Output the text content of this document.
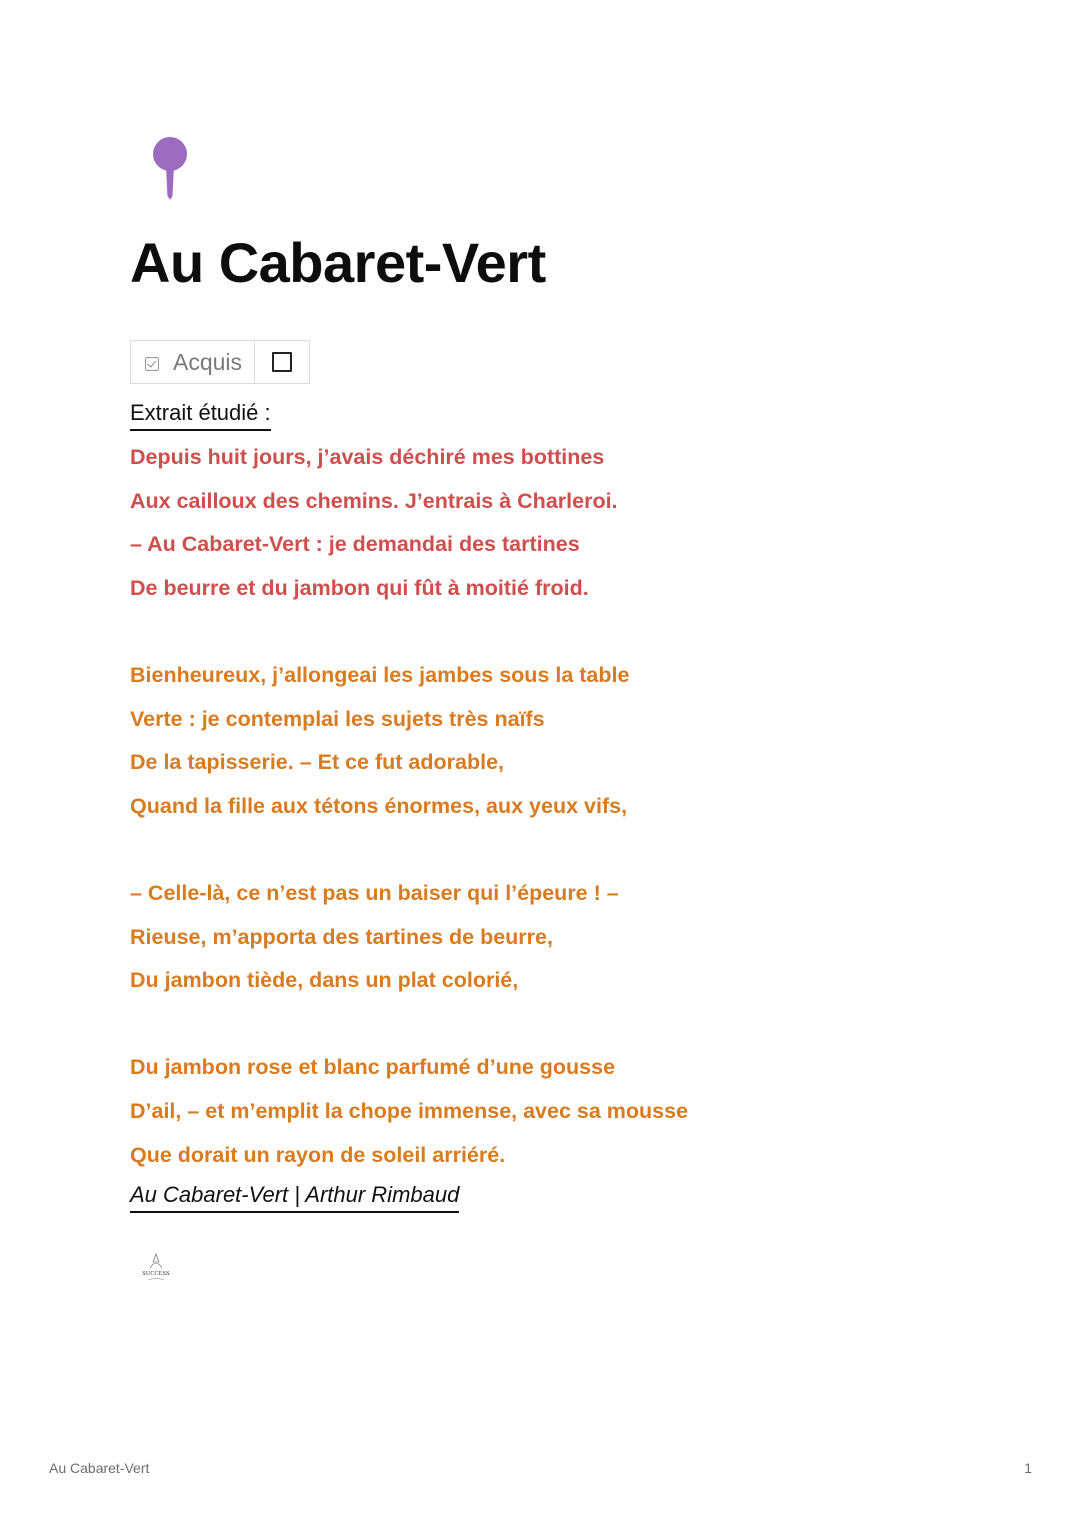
Au Cabaret-Vert
Acquis
Extrait étudié :
Depuis huit jours, j’avais déchiré mes bottines
Aux cailloux des chemins. J’entrais à Charleroi.
– Au Cabaret-Vert : je demandai des tartines
De beurre et du jambon qui fût à moitié froid.
Bienheureux, j’allongeai les jambes sous la table
Verte : je contemplai les sujets très naïfs
De la tapisserie. – Et ce fut adorable,
Quand la fille aux tétons énormes, aux yeux vifs,
– Celle-là, ce n’est pas un baiser qui l’épeure ! –
Rieuse, m’apporta des tartines de beurre,
Du jambon tiède, dans un plat colorié,
Du jambon rose et blanc parfumé d’une gousse
D’ail, – et m’emplit la chope immense, avec sa mousse
Que dorait un rayon de soleil arriéré.
Au Cabaret-Vert | Arthur Rimbaud
SUCCESS
Au Cabaret-Vert	1
